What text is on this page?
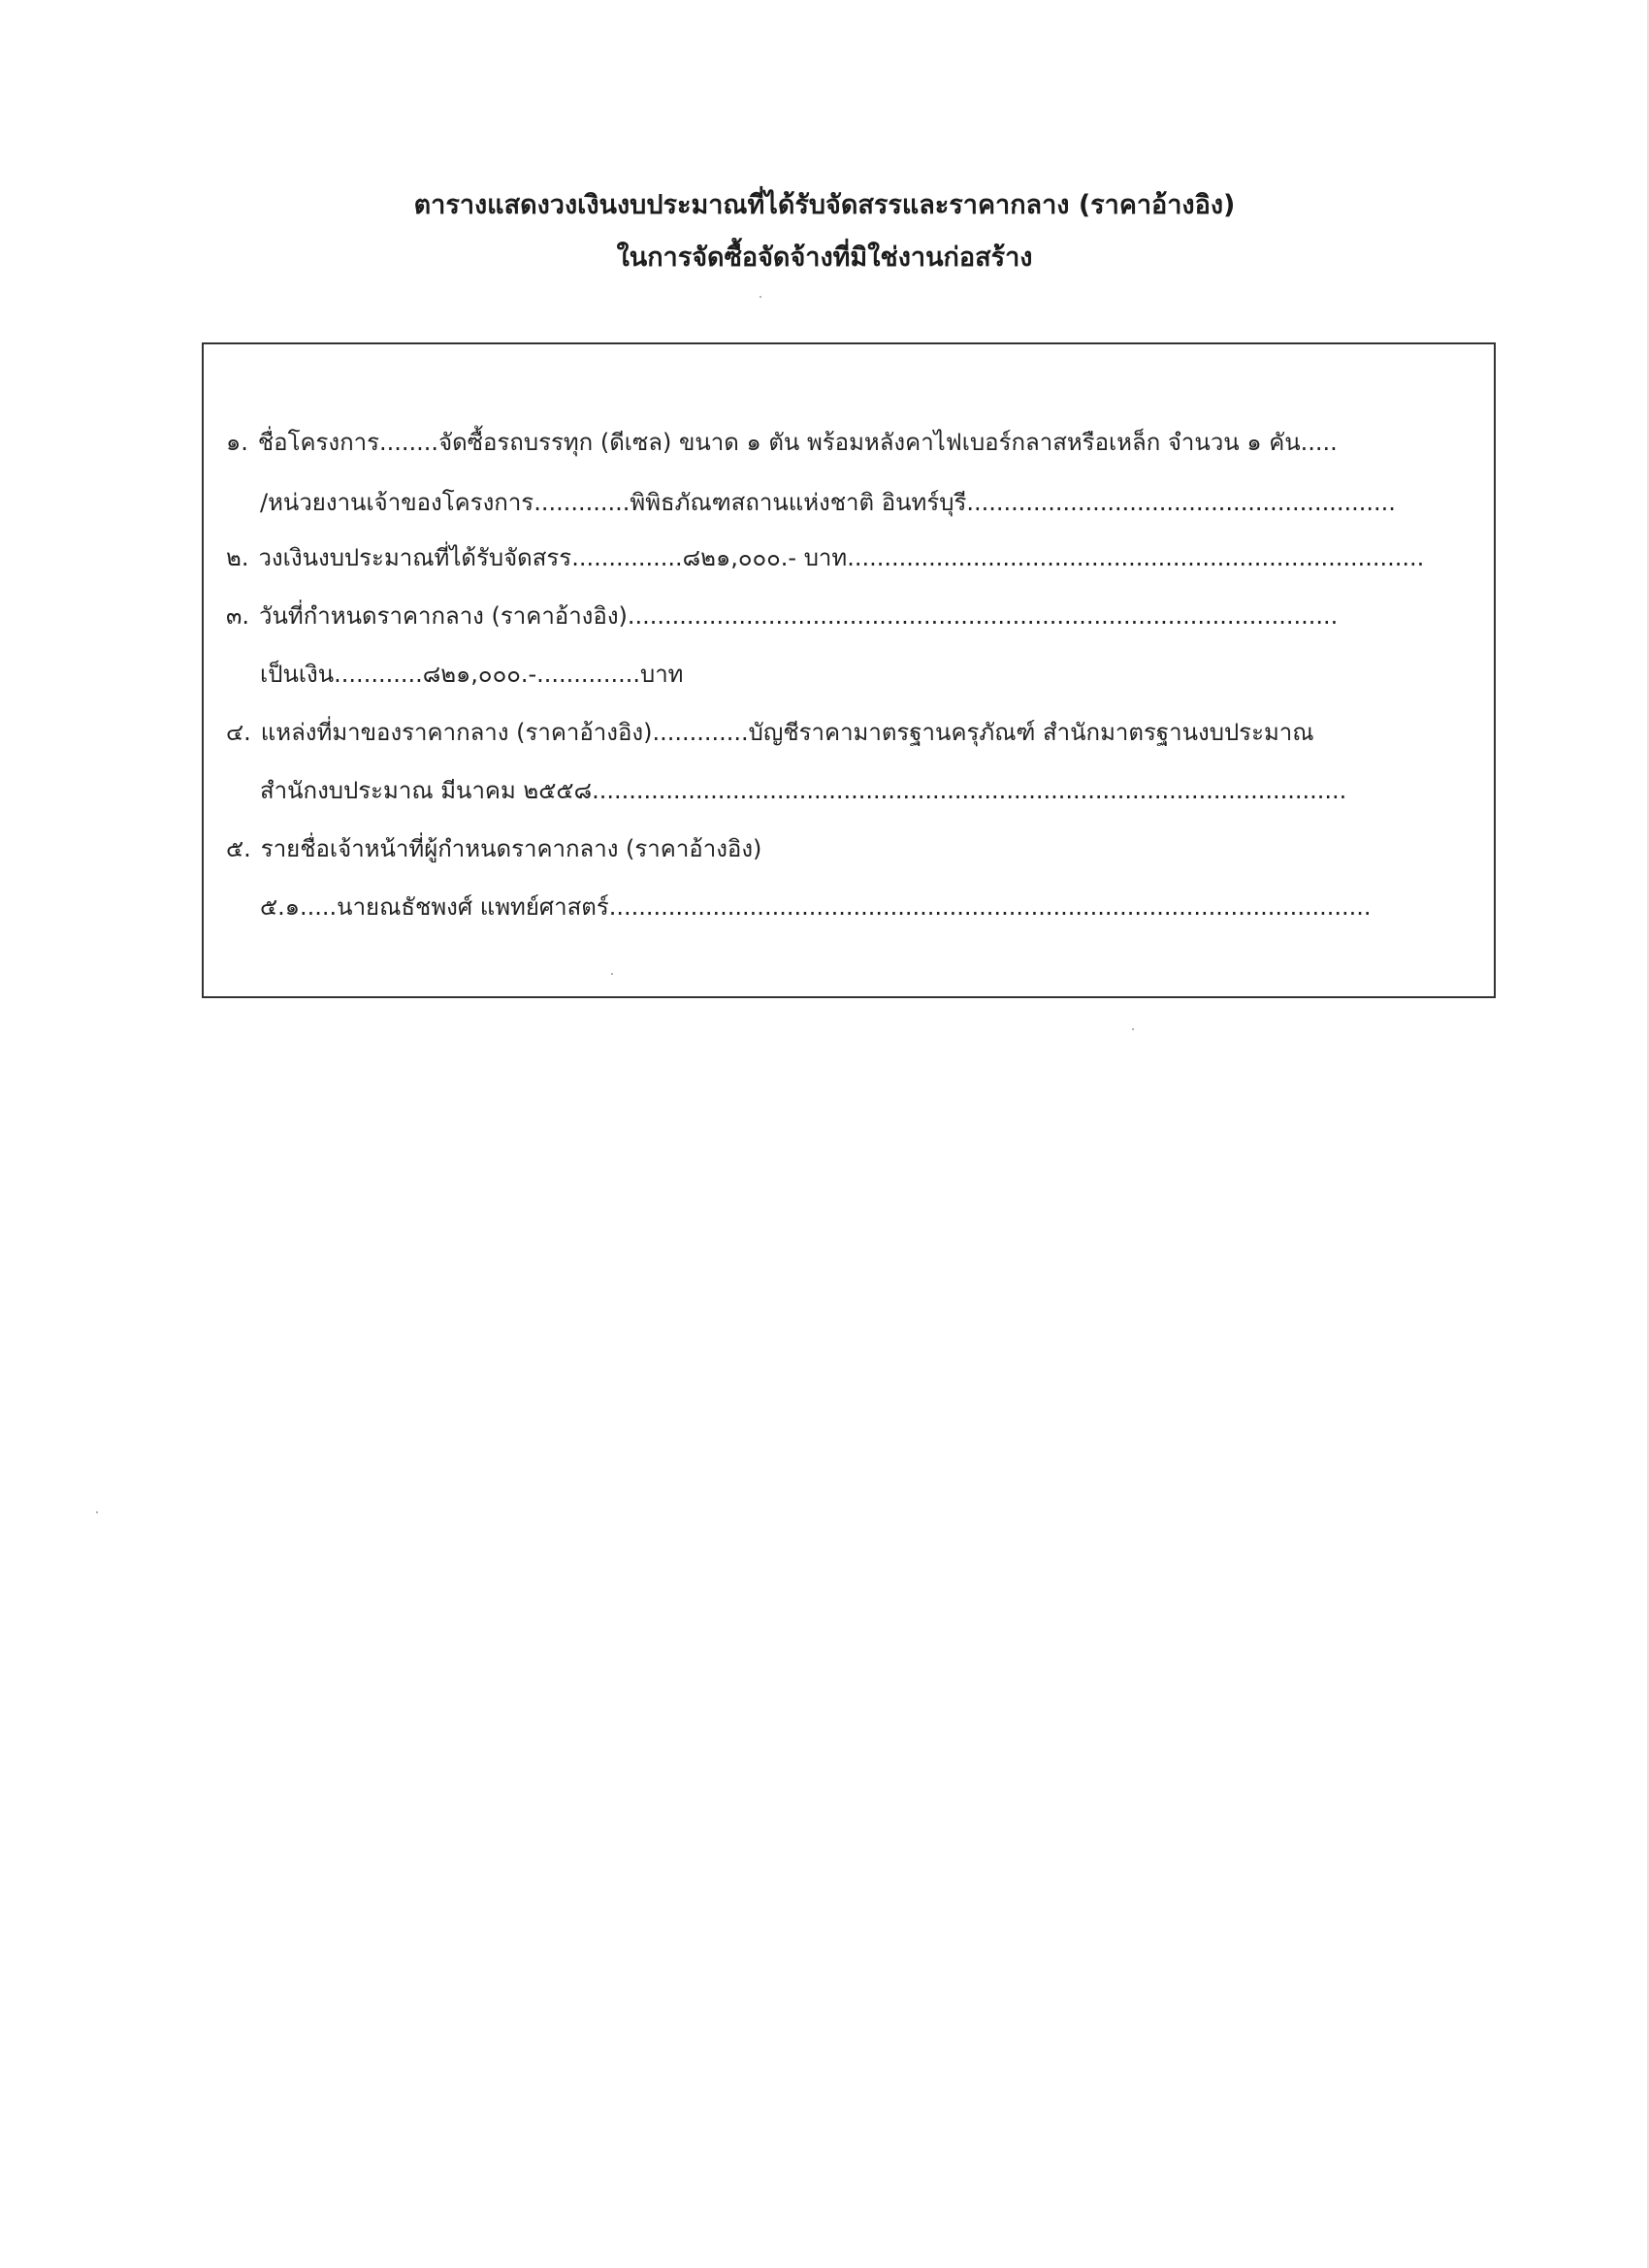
ตารางแสดงวงเงินงบประมาณที่ได้รับจัดสรรและราคากลาง (ราคาอ้างอิง)
ในการจัดซื้อจัดจ้างที่มิใช่งานก่อสร้าง
๑. ชื่อโครงการ........จัดซื้อรถบรรทุก (ดีเซล) ขนาด ๑ ตัน พร้อมหลังคาไฟเบอร์กลาสหรือเหล็ก จำนวน ๑ คัน.....
/หน่วยงานเจ้าของโครงการ.............พิพิธภัณฑสถานแห่งชาติ อินทร์บุรี..........................................................
๒. วงเงินงบประมาณที่ได้รับจัดสรร...............๘๒๑,๐๐๐.- บาท..............................................................................
๓. วันที่กำหนดราคากลาง (ราคาอ้างอิง)................................................................................................
เป็นเงิน............๘๒๑,๐๐๐.-..............บาท
๔. แหล่งที่มาของราคากลาง (ราคาอ้างอิง).............บัญชีราคามาตรฐานครุภัณฑ์ สำนักมาตรฐานงบประมาณ
สำนักงบประมาณ มีนาคม ๒๕๕๘......................................................................................................
๕. รายชื่อเจ้าหน้าที่ผู้กำหนดราคากลาง (ราคาอ้างอิง)
๕.๑.....นายณธัชพงศ์ แพทย์ศาสตร์.......................................................................................................
